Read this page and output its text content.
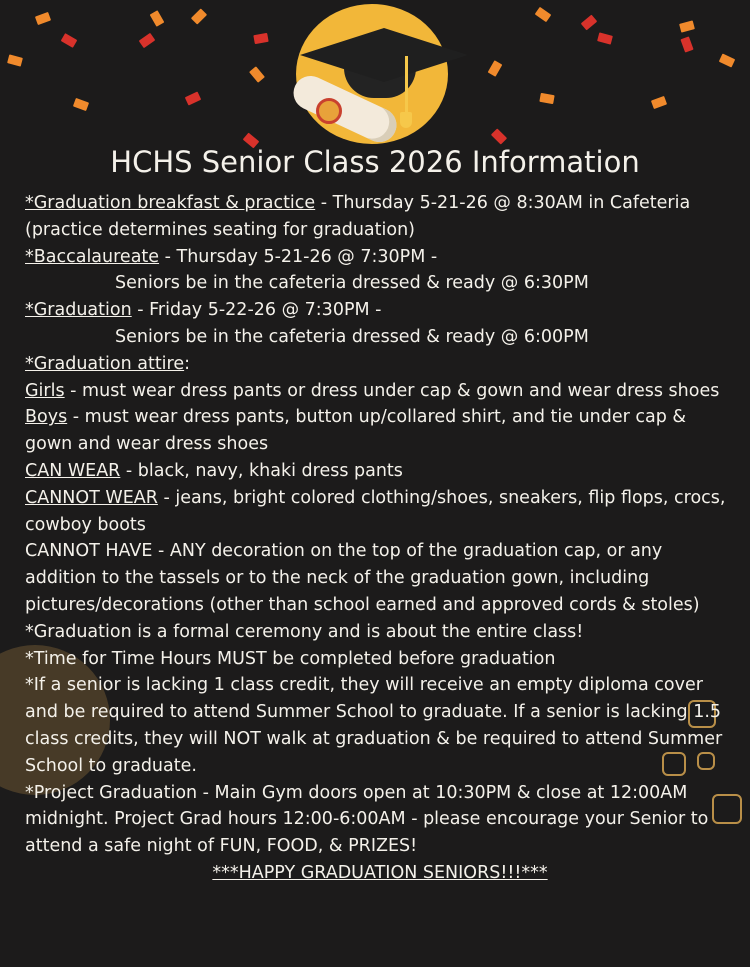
HCHS Senior Class 2026 Information

*Graduation breakfast & practice - Thursday 5-21-26 @ 8:30AM in Cafeteria (practice determines seating for graduation)

*Baccalaureate - Thursday 5-21-26 @ 7:30PM -

Seniors be in the cafeteria dressed & ready @ 6:30PM

*Graduation - Friday 5-22-26 @ 7:30PM -

Seniors be in the cafeteria dressed & ready @ 6:00PM

*Graduation attire:

Girls - must wear dress pants or dress under cap & gown and wear dress shoes

Boys - must wear dress pants, button up/collared shirt, and tie under cap & gown and wear dress shoes

CAN WEAR - black, navy, khaki dress pants

CANNOT WEAR - jeans, bright colored clothing/shoes, sneakers, flip flops, crocs, cowboy boots

CANNOT HAVE - ANY decoration on the top of the graduation cap, or any addition to the tassels or to the neck of the graduation gown, including pictures/decorations (other than school earned and approved cords & stoles)

*Graduation is a formal ceremony and is about the entire class!

*Time for Time Hours MUST be completed before graduation

*If a senior is lacking 1 class credit, they will receive an empty diploma cover and be required to attend Summer School to graduate. If a senior is lacking 1.5 class credits, they will NOT walk at graduation & be required to attend Summer School to graduate.

*Project Graduation - Main Gym doors open at 10:30PM & close at 12:00AM midnight. Project Grad hours 12:00-6:00AM - please encourage your Senior to attend a safe night of FUN, FOOD, & PRIZES!

***HAPPY GRADUATION SENIORS!!!***
